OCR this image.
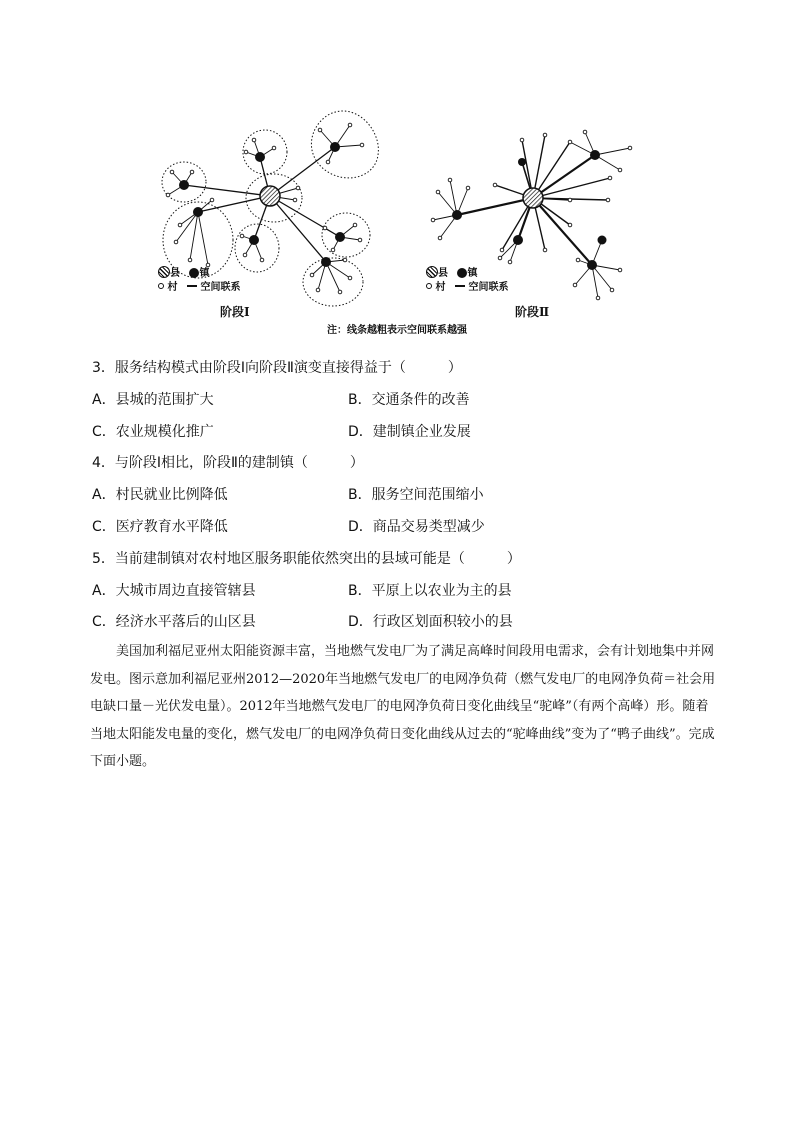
县 镇
村 空间联系
县 镇
村 空间联系
阶段Ⅰ	阶段Ⅱ
注：线条越粗表示空间联系越强
3．服务结构模式由阶段Ⅰ向阶段Ⅱ演变直接得益于（　　　）
A．县城的范围扩大	B．交通条件的改善
C．农业规模化推广	D．建制镇企业发展
4．与阶段Ⅰ相比，阶段Ⅱ的建制镇（　　　）
A．村民就业比例降低	B．服务空间范围缩小
C．医疗教育水平降低	D．商品交易类型减少
5．当前建制镇对农村地区服务职能依然突出的县域可能是（　　　）
A．大城市周边直接管辖县	B．平原上以农业为主的县
C．经济水平落后的山区县	D．行政区划面积较小的县
美国加利福尼亚州太阳能资源丰富，当地燃气发电厂为了满足高峰时间段用电需求，会有计划地集中并网发电。图示意加利福尼亚州2012—2020年当地燃气发电厂的电网净负荷（燃气发电厂的电网净负荷＝社会用电缺口量－光伏发电量）。2012年当地燃气发电厂的电网净负荷日变化曲线呈“驼峰”（有两个高峰）形。随着当地太阳能发电量的变化，燃气发电厂的电网净负荷日变化曲线从过去的“驼峰曲线”变为了“鸭子曲线”。完成下面小题。
